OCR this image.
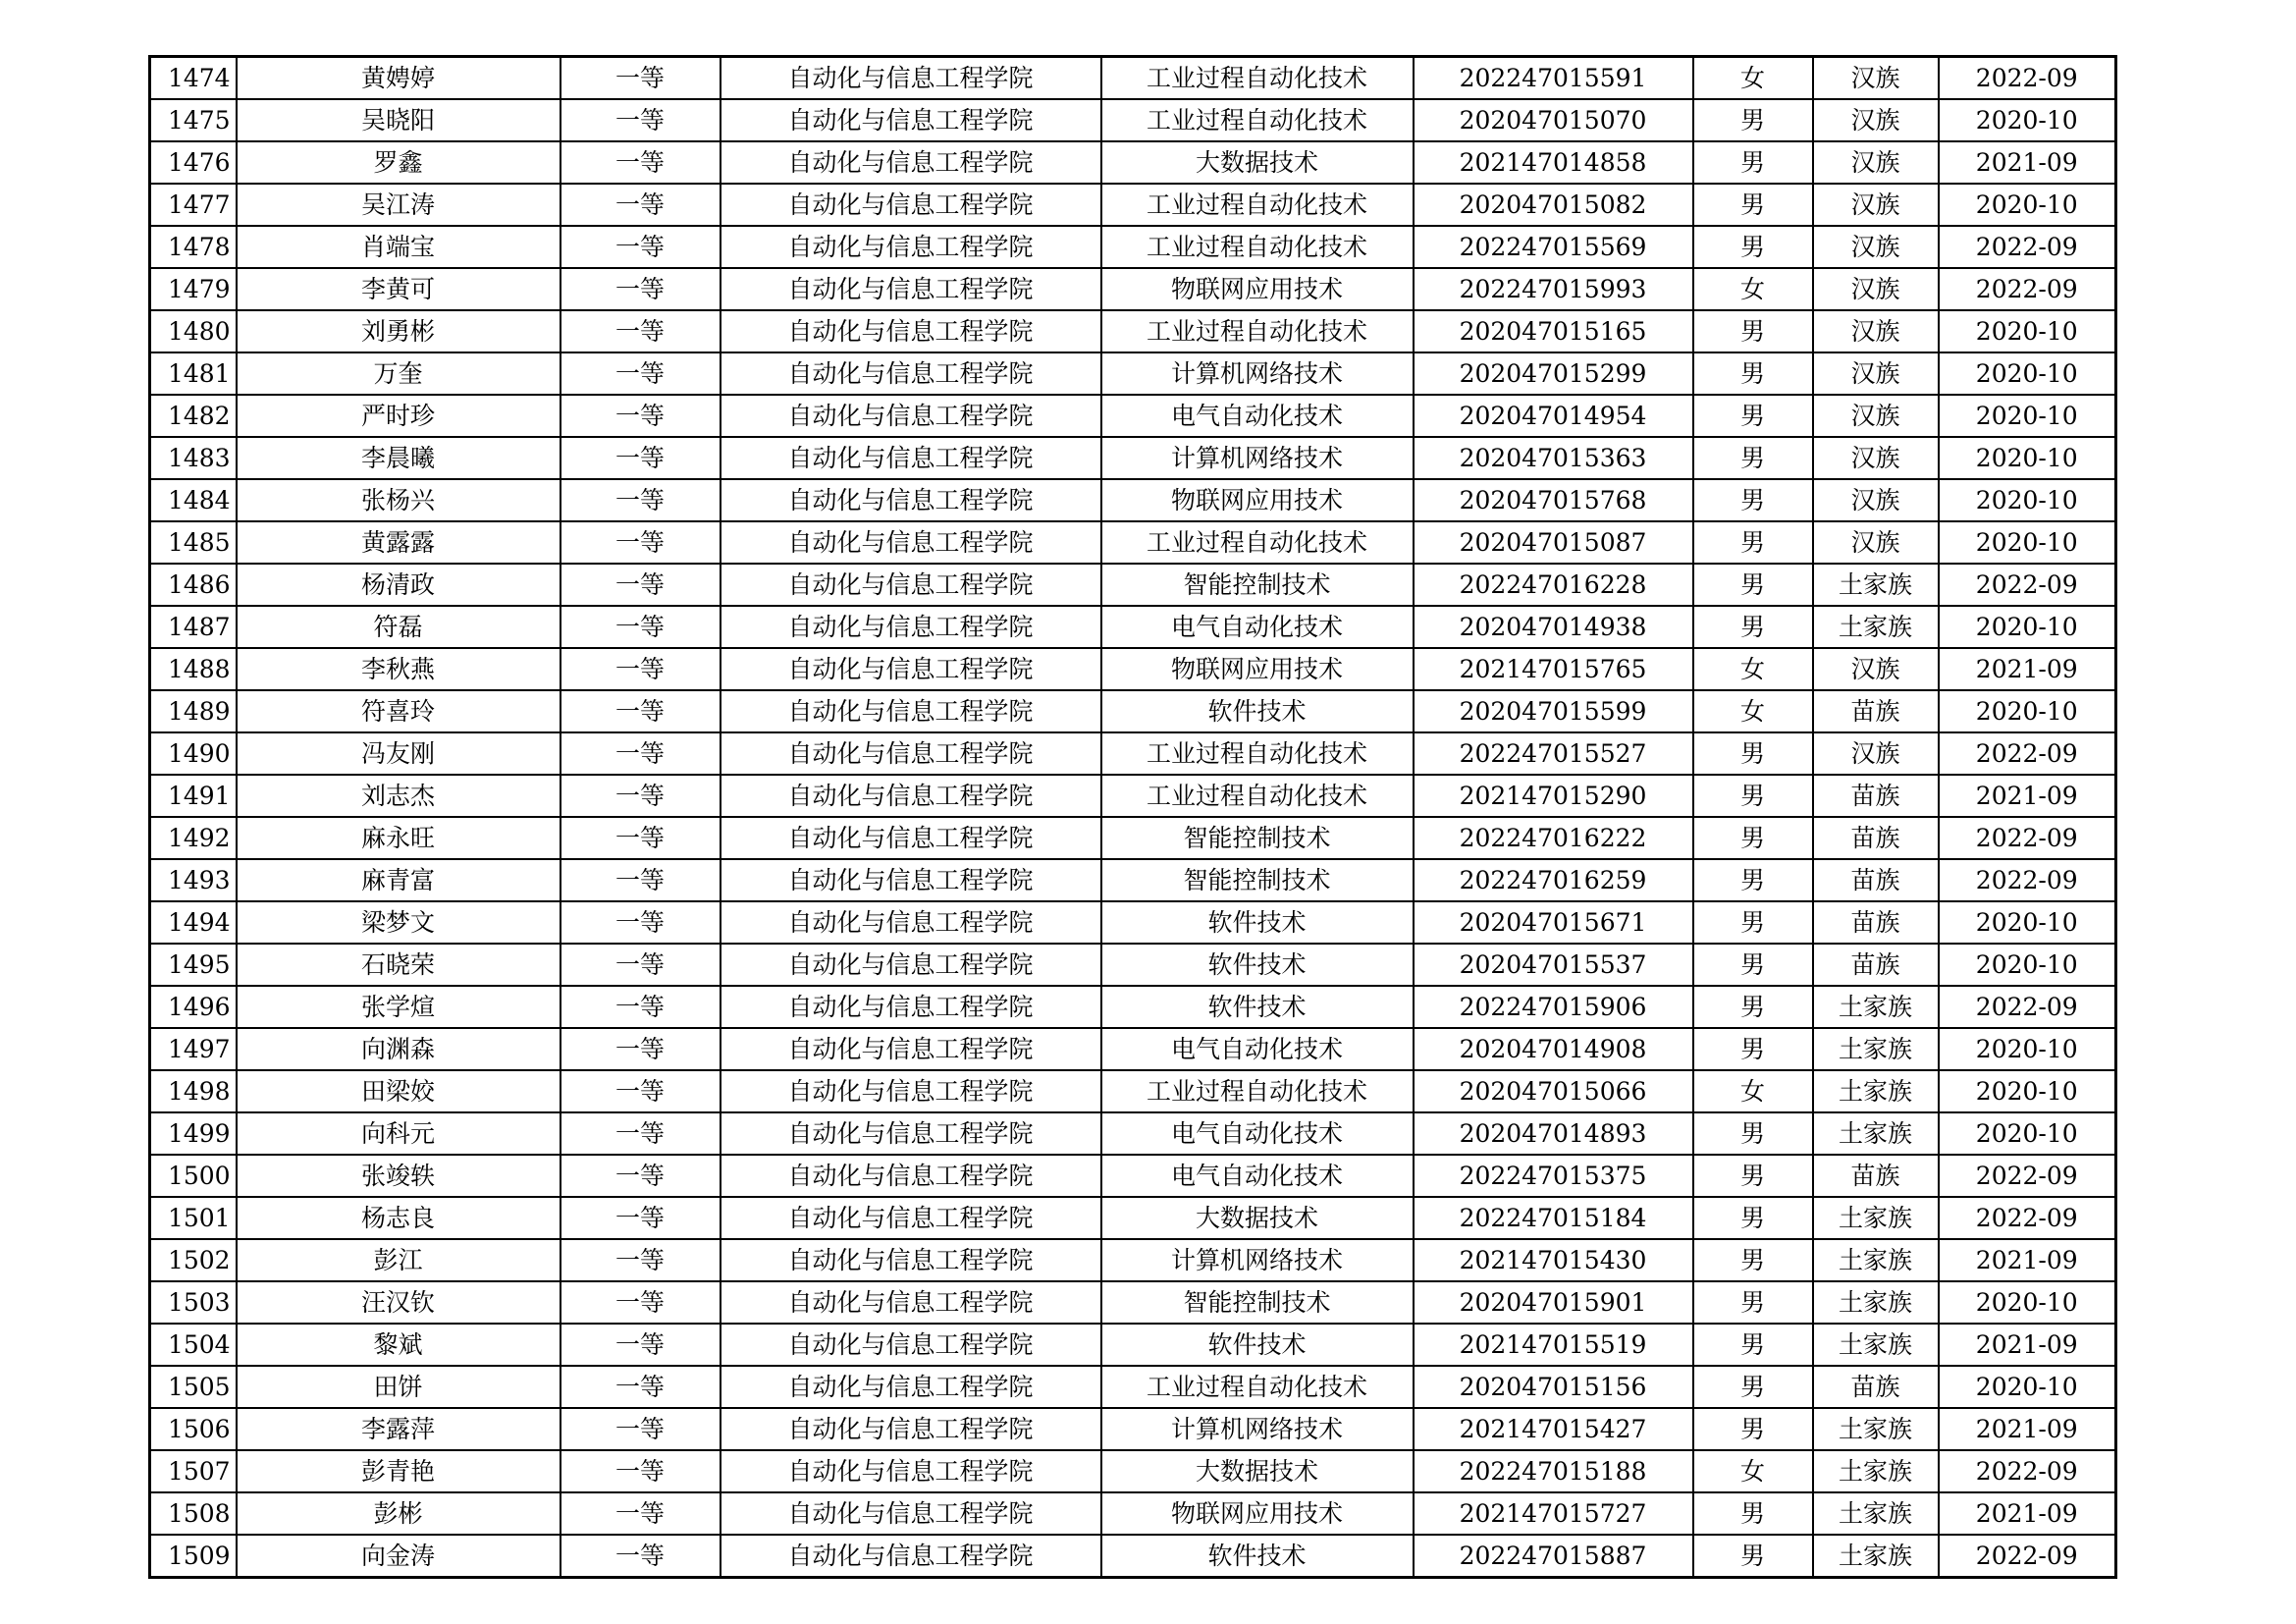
1474	黄娉婷	一等	自动化与信息工程学院	工业过程自动化技术	202247015591	女	汉族	2022-09
1475	吴晓阳	一等	自动化与信息工程学院	工业过程自动化技术	202047015070	男	汉族	2020-10
1476	罗鑫	一等	自动化与信息工程学院	大数据技术	202147014858	男	汉族	2021-09
1477	吴江涛	一等	自动化与信息工程学院	工业过程自动化技术	202047015082	男	汉族	2020-10
1478	肖端宝	一等	自动化与信息工程学院	工业过程自动化技术	202247015569	男	汉族	2022-09
1479	李黄可	一等	自动化与信息工程学院	物联网应用技术	202247015993	女	汉族	2022-09
1480	刘勇彬	一等	自动化与信息工程学院	工业过程自动化技术	202047015165	男	汉族	2020-10
1481	万奎	一等	自动化与信息工程学院	计算机网络技术	202047015299	男	汉族	2020-10
1482	严时珍	一等	自动化与信息工程学院	电气自动化技术	202047014954	男	汉族	2020-10
1483	李晨曦	一等	自动化与信息工程学院	计算机网络技术	202047015363	男	汉族	2020-10
1484	张杨兴	一等	自动化与信息工程学院	物联网应用技术	202047015768	男	汉族	2020-10
1485	黄露露	一等	自动化与信息工程学院	工业过程自动化技术	202047015087	男	汉族	2020-10
1486	杨清政	一等	自动化与信息工程学院	智能控制技术	202247016228	男	土家族	2022-09
1487	符磊	一等	自动化与信息工程学院	电气自动化技术	202047014938	男	土家族	2020-10
1488	李秋燕	一等	自动化与信息工程学院	物联网应用技术	202147015765	女	汉族	2021-09
1489	符喜玲	一等	自动化与信息工程学院	软件技术	202047015599	女	苗族	2020-10
1490	冯友刚	一等	自动化与信息工程学院	工业过程自动化技术	202247015527	男	汉族	2022-09
1491	刘志杰	一等	自动化与信息工程学院	工业过程自动化技术	202147015290	男	苗族	2021-09
1492	麻永旺	一等	自动化与信息工程学院	智能控制技术	202247016222	男	苗族	2022-09
1493	麻青富	一等	自动化与信息工程学院	智能控制技术	202247016259	男	苗族	2022-09
1494	梁梦文	一等	自动化与信息工程学院	软件技术	202047015671	男	苗族	2020-10
1495	石晓荣	一等	自动化与信息工程学院	软件技术	202047015537	男	苗族	2020-10
1496	张学煊	一等	自动化与信息工程学院	软件技术	202247015906	男	土家族	2022-09
1497	向渊森	一等	自动化与信息工程学院	电气自动化技术	202047014908	男	土家族	2020-10
1498	田梁姣	一等	自动化与信息工程学院	工业过程自动化技术	202047015066	女	土家族	2020-10
1499	向科元	一等	自动化与信息工程学院	电气自动化技术	202047014893	男	土家族	2020-10
1500	张竣轶	一等	自动化与信息工程学院	电气自动化技术	202247015375	男	苗族	2022-09
1501	杨志良	一等	自动化与信息工程学院	大数据技术	202247015184	男	土家族	2022-09
1502	彭江	一等	自动化与信息工程学院	计算机网络技术	202147015430	男	土家族	2021-09
1503	汪汉钦	一等	自动化与信息工程学院	智能控制技术	202047015901	男	土家族	2020-10
1504	黎斌	一等	自动化与信息工程学院	软件技术	202147015519	男	土家族	2021-09
1505	田饼	一等	自动化与信息工程学院	工业过程自动化技术	202047015156	男	苗族	2020-10
1506	李露萍	一等	自动化与信息工程学院	计算机网络技术	202147015427	男	土家族	2021-09
1507	彭青艳	一等	自动化与信息工程学院	大数据技术	202247015188	女	土家族	2022-09
1508	彭彬	一等	自动化与信息工程学院	物联网应用技术	202147015727	男	土家族	2021-09
1509	向金涛	一等	自动化与信息工程学院	软件技术	202247015887	男	土家族	2022-09
